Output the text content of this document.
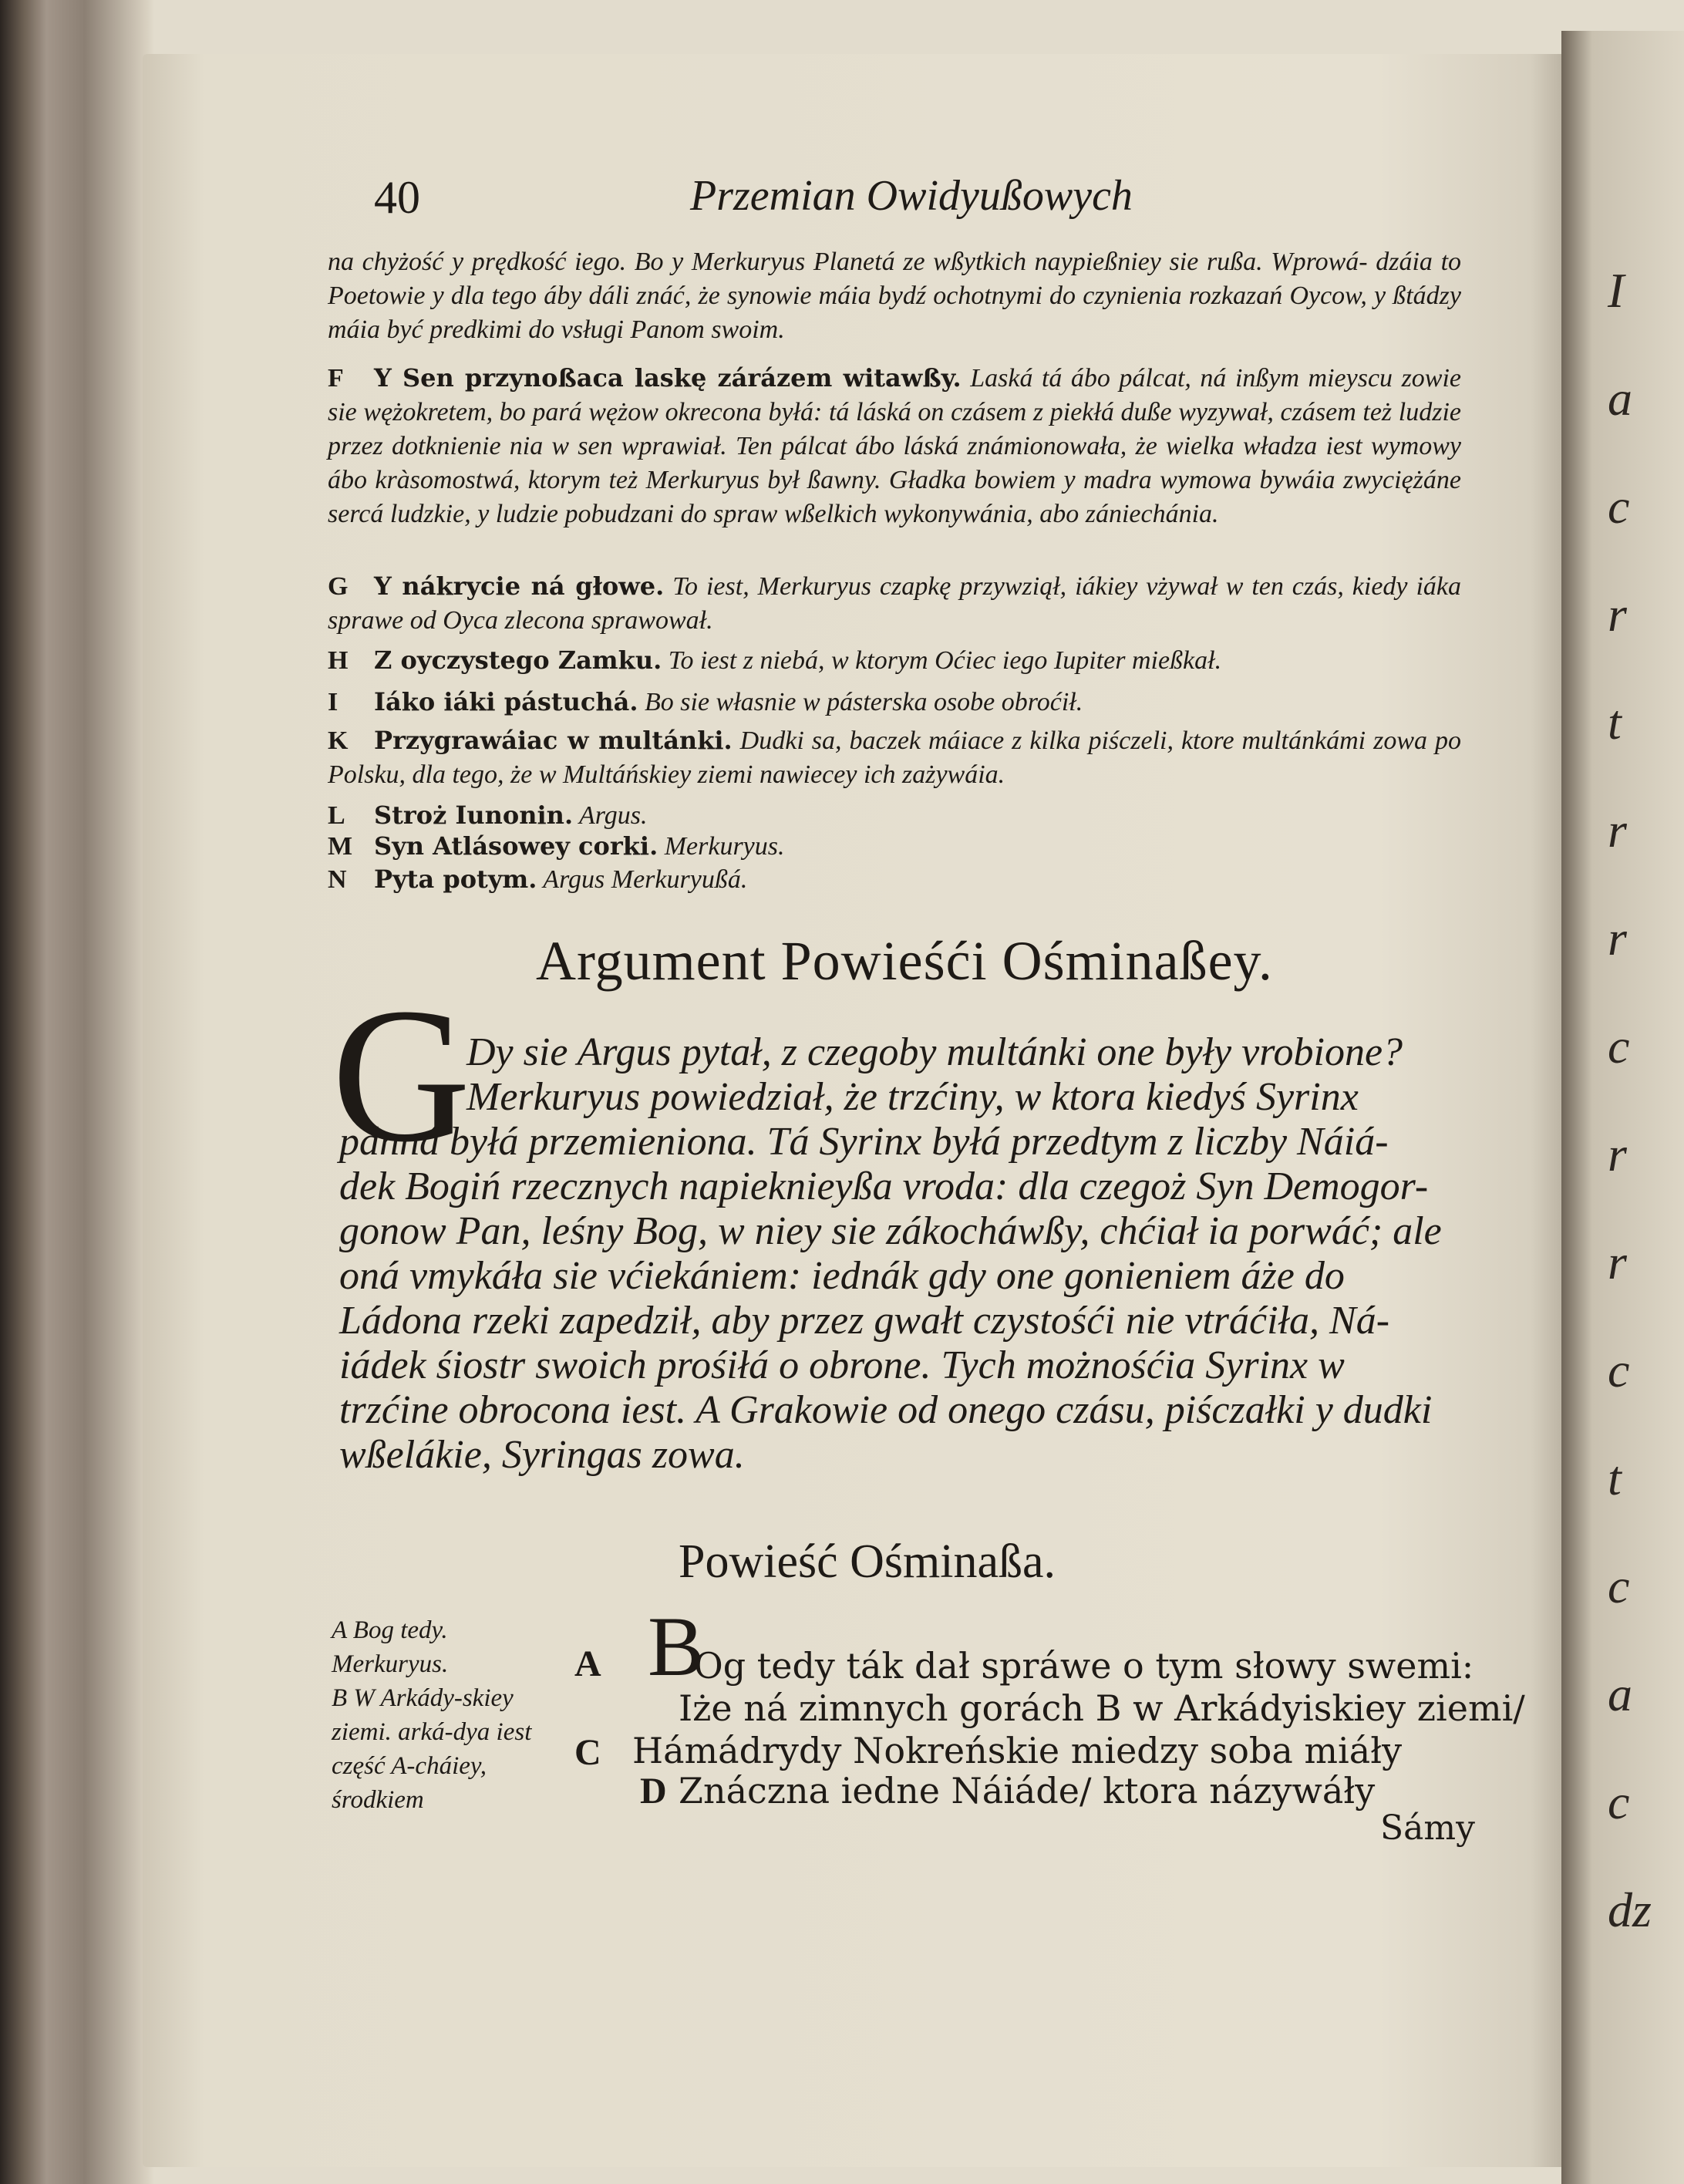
I
a
c
r
t
r
r
c
r
r
c
t
c
a
c
dz
40	Przemian Owidyußowych
na chyżość y prędkość iego. Bo y Merkuryus Planetá ze wßytkich naypießniey sie rußa. Wprowá- dzáia to Poetowie y dla tego áby dáli znáć, że synowie máia bydź ochotnymi do czynienia rozkazań Oycow, y ßtádzy máia być predkimi do vsługi Panom swoim.
F Y Sen przynoßaca laskę zárázem witawßy. Laská tá ábo pálcat, ná inßym mieyscu zowie sie wężokretem, bo pará wężow okrecona byłá: tá láská on czásem z piekłá duße wyzywał, czásem też ludzie przez dotknienie nia w sen wprawiał. Ten pálcat ábo láská známionowała, że wielka władza iest wymowy ábo kràsomostwá, ktorym też Merkuryus był ßawny. Gładka bowiem y madra wymowa bywáia zwyciężáne sercá ludzkie, y ludzie pobudzani do spraw wßelkich wykonywánia, abo zániechánia.
G Y nákrycie ná głowe. To iest, Merkuryus czapkę przywziął, iákiey vżywał w ten czás, kiedy iáka sprawe od Oyca zlecona sprawował.
H Z oyczystego Zamku. To iest z niebá, w ktorym Oćiec iego Iupiter mießkał.
I Iáko iáki pástuchá. Bo sie własnie w pásterska osobe obroćił.
K Przygrawáiac w multánki. Dudki sa, baczek máiace z kilka piśczeli, ktore multánkámi zowa po Polsku, dla tego, że w Multáńskiey ziemi nawiecey ich zażywáia.
L Stroż Iunonin. Argus.
M Syn Atlásowey corki. Merkuryus.
N Pyta potym. Argus Merkuryußá.
Argument Powieśći Ośminaßey.
G
Dy sie Argus pytał, z czegoby multánki one były vrobione?
Merkuryus powiedział, że trzćiny, w ktora kiedyś Syrinx
pánná byłá przemieniona. Tá Syrinx byłá przedtym z liczby Náiá-
dek Bogiń rzecznych napiekniеyßa vroda: dla czegoż Syn Demogor-
gonow Pan, leśny Bog, w niey sie zákocháwßy, chćiał ia porwáć; ale
oná vmykáła sie vćiekániem: iednák gdy one gonieniem áże do
Ládona rzeki zapedził, aby przez gwałt czystośći nie vtráćiła, Ná-
iádek śiostr swoich prośiłá o obrone. Tych możnośćia Syrinx w
trzćine obrocona iest. A Grakowie od onego czásu, piśczałki y dudki
wßelákie, Syringas zowa.
Powieść Ośminaßa.
A Bog tedy. Merkuryus.
B W Arkády-skiey ziemi. arká-dya iest część A-cháiey, środkiem
A
C
D
B
Og tedy ták dał spráwe o tym słowy swemi:
Iże ná zimnych gorách B w Arkádyiskiey ziemi/
Hámádrydy Nokreńskie miedzy soba miáły
Znáczna iedne Náiáde/ ktora názywáły
Sámy
